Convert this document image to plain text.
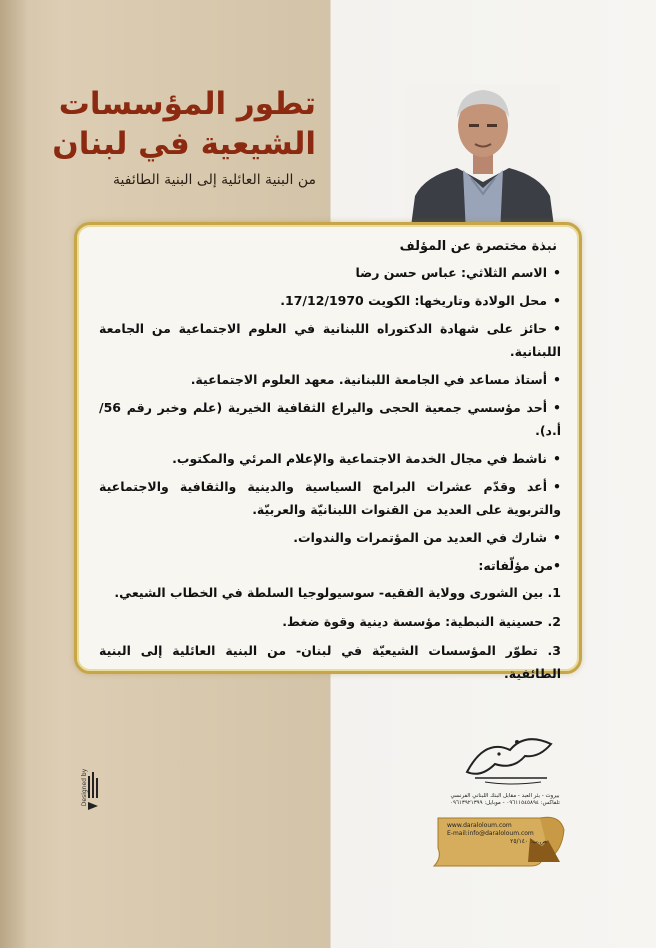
تطور المؤسسات
الشيعية في لبنان
من البنية العائلية إلى البنية الطائفية
نبذة مختصرة عن المؤلف
•الاسم الثلاثي: عباس حسن رضا
•محل الولادة وتاريخها: الكويت 17/12/1970.
•حائز على شهادة الدكتوراه اللبنانية في العلوم الاجتماعية من الجامعة اللبنانية.
•أستاذ مساعد في الجامعة اللبنانية. معهد العلوم الاجتماعية.
•أحد مؤسسي جمعية الحجى واليراع الثقافية الخيرية (علم وخبر رقم 56/أ.د).
•ناشط في مجال الخدمة الاجتماعية والإعلام المرئي والمكتوب.
•أعد وقدّم عشرات البرامج السياسية والدينية والثقافية والاجتماعية والتربوية على العديد من القنوات اللبنانيّة والعربيّة.
•شارك في العديد من المؤتمرات والندوات.
•من مؤلّفاته:
1. بين الشورى وولاية الفقيه- سوسيولوجيا السلطة في الخطاب الشيعي.
2. حسينية النبطية: مؤسسة دينية وقوة ضغط.
3. تطوّر المؤسسات الشيعيّة في لبنان- من البنية العائلية إلى البنية الطائفية.
Designed by	بيروت - بئر العبد - مقابل البنك اللبناني الفرنسي
تلفاكس: ٠٩٦١١٥٤٥٨٩٤ - موبايل: ٠٩٦١٣٩٢١٣٩٩
www.daraloloum.com
E-mail:info@daraloloum.com
ص.ب: ٢٥/١٤٠
